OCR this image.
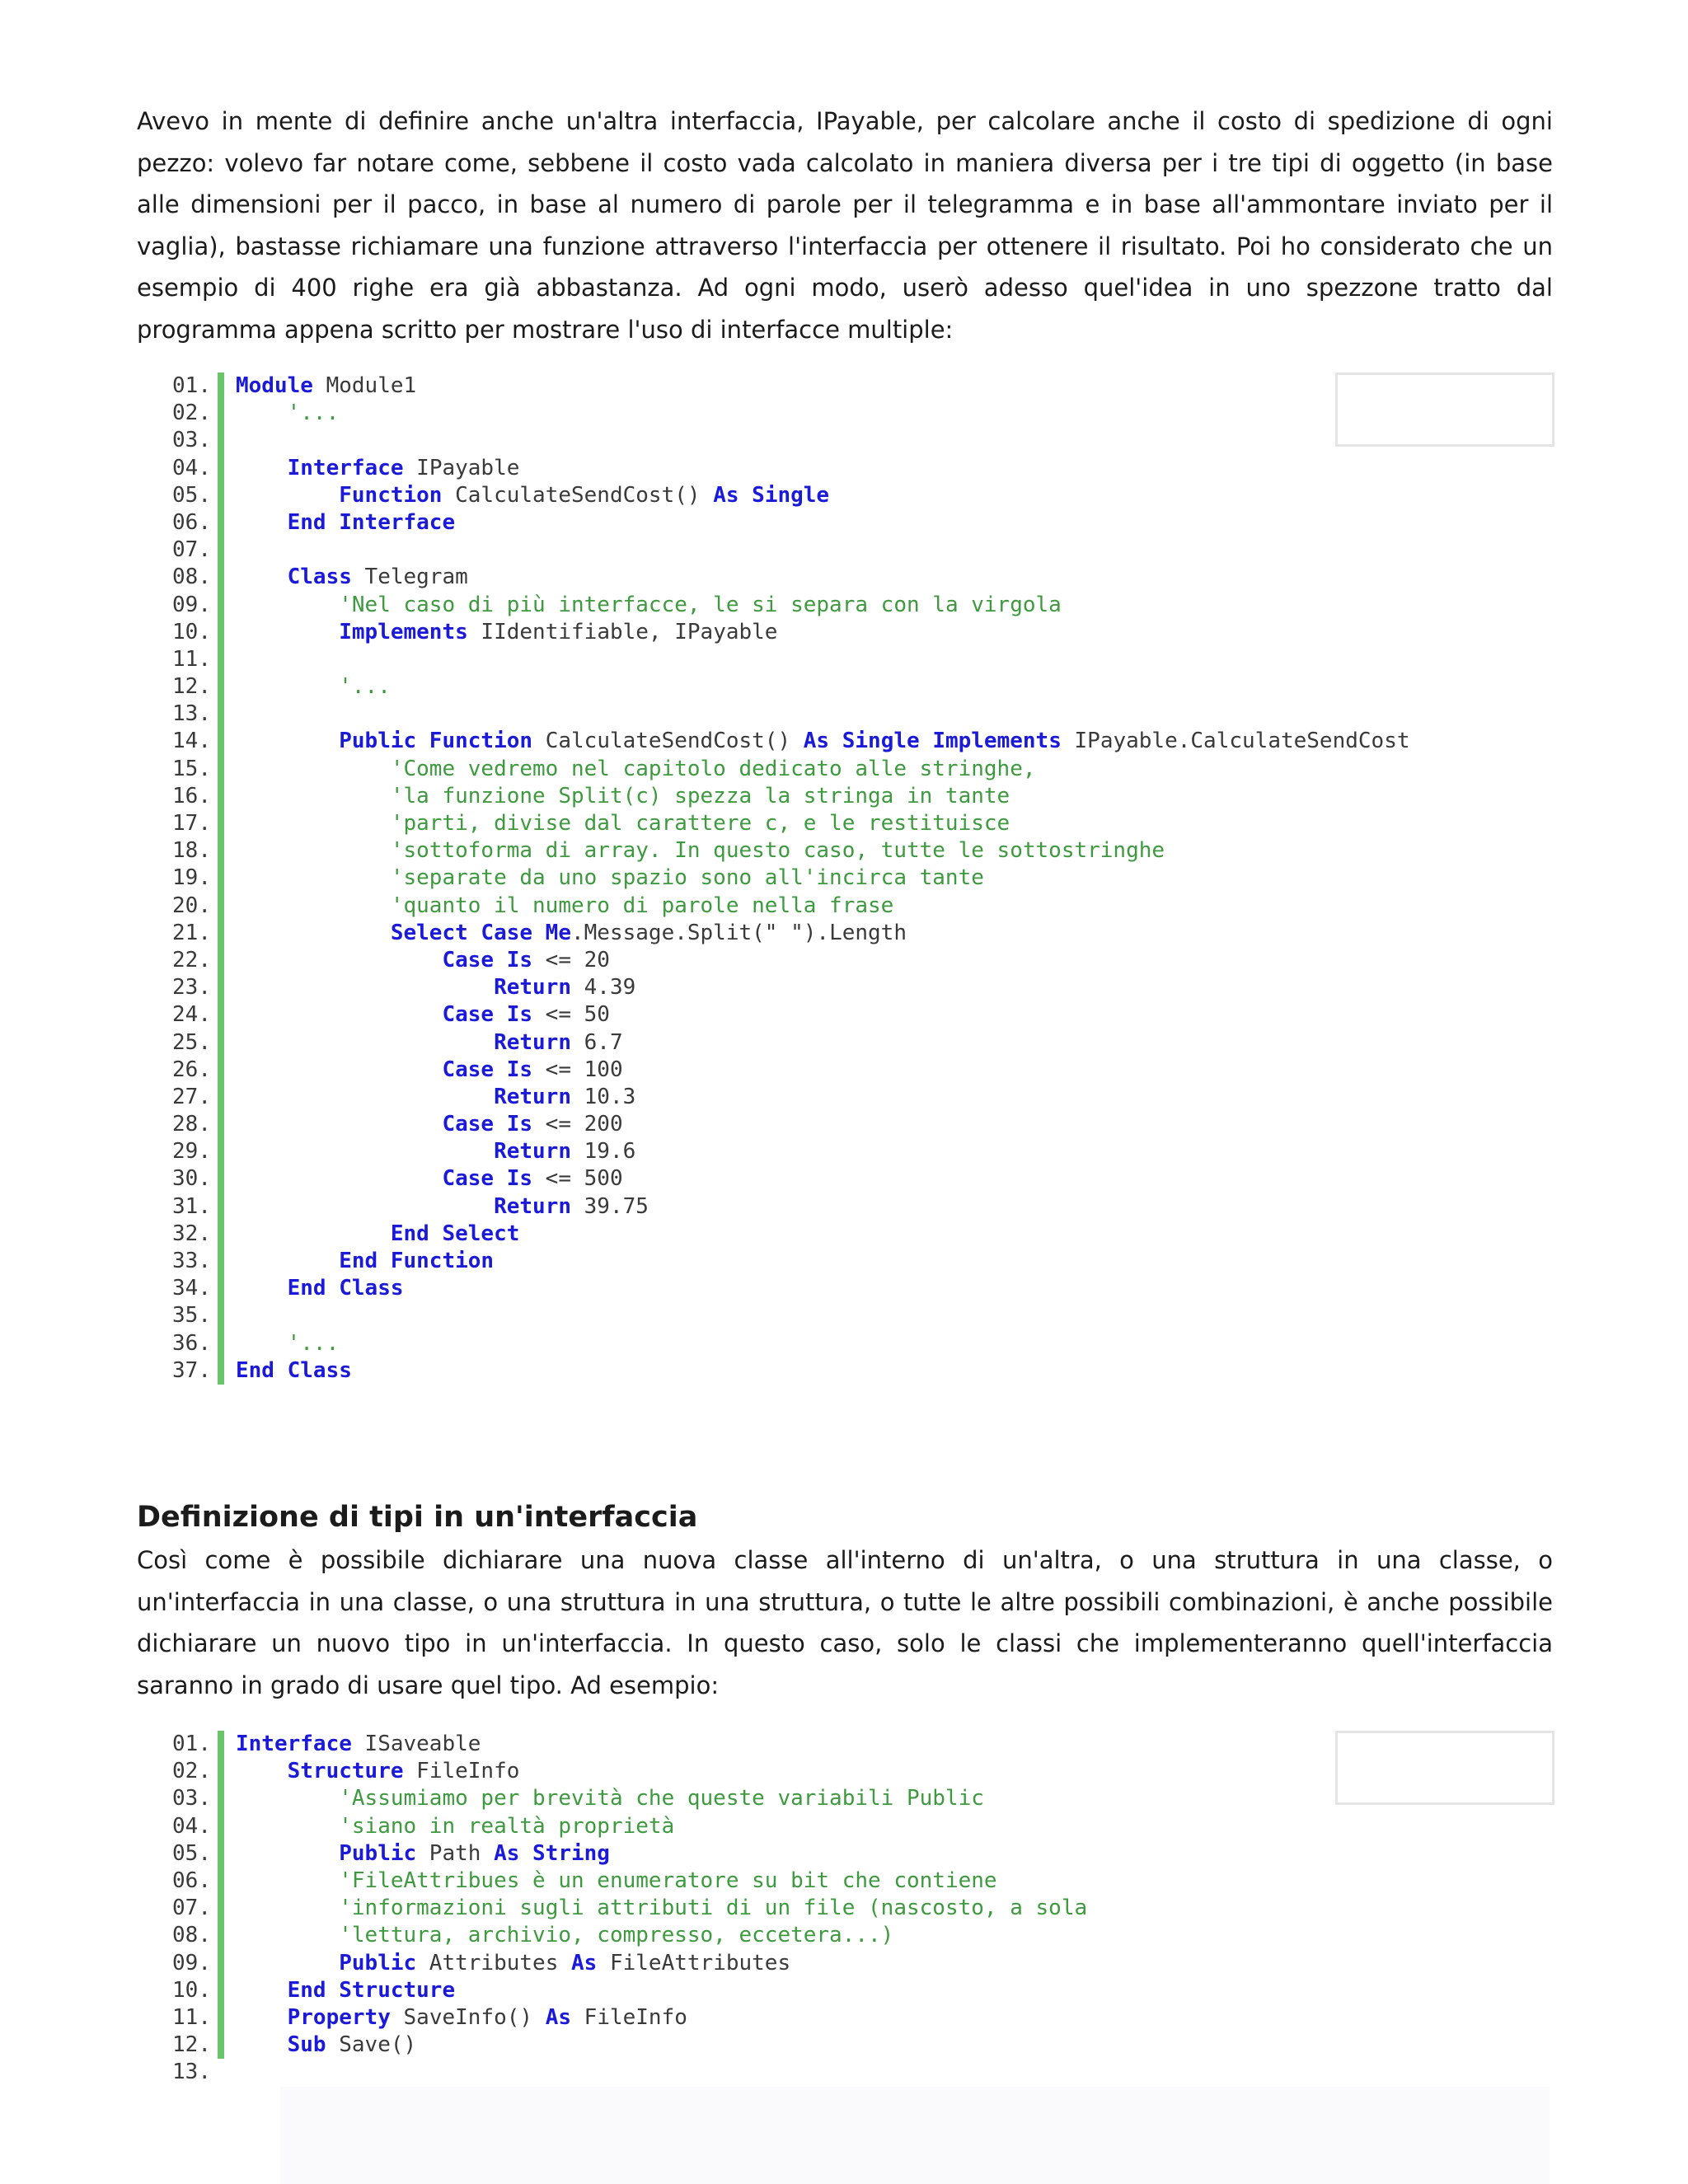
Avevo in mente di definire anche un'altra interfaccia, IPayable, per calcolare anche il costo di spedizione di ogni pezzo: volevo far notare come, sebbene il costo vada calcolato in maniera diversa per i tre tipi di oggetto (in base alle dimensioni per il pacco, in base al numero di parole per il telegramma e in base all'ammontare inviato per il vaglia), bastasse richiamare una funzione attraverso l'interfaccia per ottenere il risultato. Poi ho considerato che un esempio di 400 righe era già abbastanza. Ad ogni modo, userò adesso quel'idea in uno spezzone tratto dal programma appena scritto per mostrare l'uso di interfacce multiple:

01. Module Module1
02.	'...
03.
04.	Interface IPayable
05.	Function CalculateSendCost() As Single
06.	End Interface
07.
08.	Class Telegram
09.	'Nel caso di più interfacce, le si separa con la virgola
10.	Implements IIdentifiable, IPayable
11.
12.	'...
13.
14.	Public Function CalculateSendCost() As Single Implements IPayable.CalculateSendCost
15.	'Come vedremo nel capitolo dedicato alle stringhe,
16.	'la funzione Split(c) spezza la stringa in tante
17.	'parti, divise dal carattere c, e le restituisce
18.	'sottoforma di array. In questo caso, tutte le sottostringhe
19.	'separate da uno spazio sono all'incirca tante
20.	'quanto il numero di parole nella frase
21.	Select Case Me.Message.Split(" ").Length
22.	Case Is <= 20
23.	Return 4.39
24.	Case Is <= 50
25.	Return 6.7
26.	Case Is <= 100
27.	Return 10.3
28.	Case Is <= 200
29.	Return 19.6
30.	Case Is <= 500
31.	Return 39.75
32.	End Select
33.	End Function
34.	End Class
35.
36.	'...
37. End Class
Definizione di tipi in un'interfaccia

Così come è possibile dichiarare una nuova classe all'interno di un'altra, o una struttura in una classe, o un'interfaccia in una classe, o una struttura in una struttura, o tutte le altre possibili combinazioni, è anche possibile dichiarare un nuovo tipo in un'interfaccia. In questo caso, solo le classi che implementeranno quell'interfaccia saranno in grado di usare quel tipo. Ad esempio:

01. Interface ISaveable
02.	Structure FileInfo
03.	'Assumiamo per brevità che queste variabili Public
04.	'siano in realtà proprietà
05.	Public Path As String
06.	'FileAttribues è un enumeratore su bit che contiene
07.	'informazioni sugli attributi di un file (nascosto, a sola
08.	'lettura, archivio, compresso, eccetera...)
09.	Public Attributes As FileAttributes
10.	End Structure
11.	Property SaveInfo() As FileInfo
12.	Sub Save()
13.
